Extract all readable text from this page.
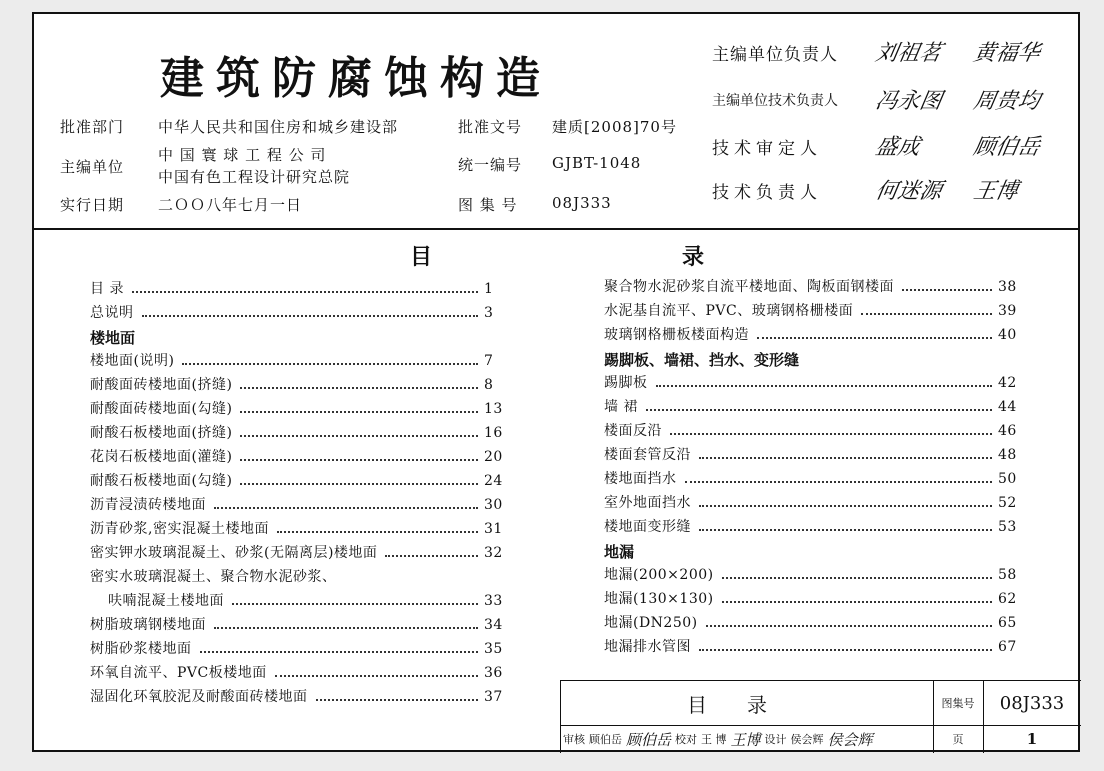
建筑防腐蚀构造
批准部门 中华人民共和国住房和城乡建设部	批准文号 建质[2008]70号
主编单位
中 国 寰 球 工 程 公 司
中国有色工程设计研究总院
统一编号 GJBT-1048
实行日期 二ＯＯ八年七月一日	图 集 号 08J333
主编单位负责人 刘祖茗 黄福华
主编单位技术负责人 冯永图 周贵均
技术审定人 盛成 顾伯岳
技术负责人 何迷源 王博
目	录
目 录	1
总说明	3
楼地面
楼地面(说明)	7
耐酸面砖楼地面(挤缝)	8
耐酸面砖楼地面(勾缝)	13
耐酸石板楼地面(挤缝)	16
花岗石板楼地面(灌缝)	20
耐酸石板楼地面(勾缝)	24
沥青浸渍砖楼地面	30
沥青砂浆,密实混凝土楼地面	31
密实钾水玻璃混凝土、砂浆(无隔离层)楼地面	32
密实水玻璃混凝土、聚合物水泥砂浆、
呋喃混凝土楼地面	33
树脂玻璃钢楼地面	34
树脂砂浆楼地面	35
环氧自流平、PVC板楼地面	36
湿固化环氧胶泥及耐酸面砖楼地面	37
聚合物水泥砂浆自流平楼地面、陶板面钢楼面	38
水泥基自流平、PVC、玻璃钢格栅楼面	39
玻璃钢格栅板楼面构造	40
踢脚板、墙裙、挡水、变形缝
踢脚板	42
墙 裙	44
楼面反沿	46
楼面套管反沿	48
楼地面挡水	50
室外地面挡水	52
楼地面变形缝	53
地漏
地漏(200×200)	58
地漏(130×130)	62
地漏(DN250)	65
地漏排水管图	67
目录	图集号	08J333
审核 顾伯岳 顾伯岳 校对 王 博 王博 设计 侯会辉 侯会辉	页	1
